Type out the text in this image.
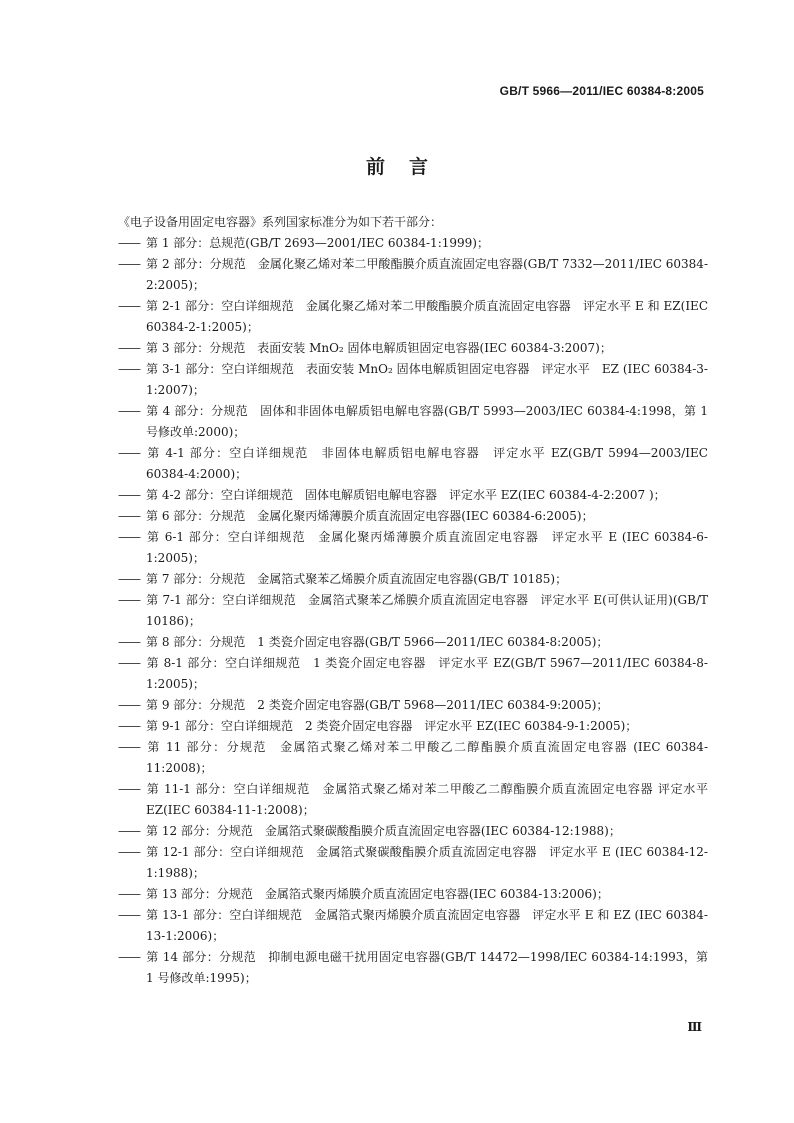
GB/T 5966—2011/IEC 60384-8:2005
前言

《电子设备用固定电容器》系列国家标准分为如下若干部分：

—— 第 1 部分：总规范(GB/T 2693—2001/IEC 60384-1:1999)；

—— 第 2 部分：分规范　金属化聚乙烯对苯二甲酸酯膜介质直流固定电容器(GB/T 7332—2011/IEC 60384-2:2005)；

—— 第 2-1 部分：空白详细规范　金属化聚乙烯对苯二甲酸酯膜介质直流固定电容器　评定水平 E 和 EZ(IEC 60384-2-1:2005)；

—— 第 3 部分：分规范　表面安装 MnO₂ 固体电解质钽固定电容器(IEC 60384-3:2007)；

—— 第 3-1 部分：空白详细规范　表面安装 MnO₂ 固体电解质钽固定电容器　评定水平　EZ (IEC 60384-3-1:2007)；

—— 第 4 部分：分规范　固体和非固体电解质铝电解电容器(GB/T 5993—2003/IEC 60384-4:1998，第 1 号修改单:2000)；

—— 第 4-1 部分：空白详细规范　非固体电解质铝电解电容器　评定水平 EZ(GB/T 5994—2003/IEC 60384-4:2000)；

—— 第 4-2 部分：空白详细规范　固体电解质铝电解电容器　评定水平 EZ(IEC 60384-4-2:2007 )；

—— 第 6 部分：分规范　金属化聚丙烯薄膜介质直流固定电容器(IEC 60384-6:2005)；

—— 第 6-1 部分：空白详细规范　金属化聚丙烯薄膜介质直流固定电容器　评定水平 E (IEC 60384-6-1:2005)；

—— 第 7 部分：分规范　金属箔式聚苯乙烯膜介质直流固定电容器(GB/T 10185)；

—— 第 7-1 部分：空白详细规范　金属箔式聚苯乙烯膜介质直流固定电容器　评定水平 E(可供认证用)(GB/T 10186)；

—— 第 8 部分：分规范　1 类瓷介固定电容器(GB/T 5966—2011/IEC 60384-8:2005)；

—— 第 8-1 部分：空白详细规范　1 类瓷介固定电容器　评定水平 EZ(GB/T 5967—2011/IEC 60384-8-1:2005)；

—— 第 9 部分：分规范　2 类瓷介固定电容器(GB/T 5968—2011/IEC 60384-9:2005)；

—— 第 9-1 部分：空白详细规范　2 类瓷介固定电容器　评定水平 EZ(IEC 60384-9-1:2005)；

—— 第 11 部分：分规范　金属箔式聚乙烯对苯二甲酸乙二醇酯膜介质直流固定电容器 (IEC 60384-11:2008)；

—— 第 11-1 部分：空白详细规范　金属箔式聚乙烯对苯二甲酸乙二醇酯膜介质直流固定电容器 评定水平 EZ(IEC 60384-11-1:2008)；

—— 第 12 部分：分规范　金属箔式聚碳酸酯膜介质直流固定电容器(IEC 60384-12:1988)；

—— 第 12-1 部分：空白详细规范　金属箔式聚碳酸酯膜介质直流固定电容器　评定水平 E (IEC 60384-12-1:1988)；

—— 第 13 部分：分规范　金属箔式聚丙烯膜介质直流固定电容器(IEC 60384-13:2006)；

—— 第 13-1 部分：空白详细规范　金属箔式聚丙烯膜介质直流固定电容器　评定水平 E 和 EZ (IEC 60384-13-1:2006)；

—— 第 14 部分：分规范　抑制电源电磁干扰用固定电容器(GB/T 14472—1998/IEC 60384-14:1993，第 1 号修改单:1995)；

Ⅲ
